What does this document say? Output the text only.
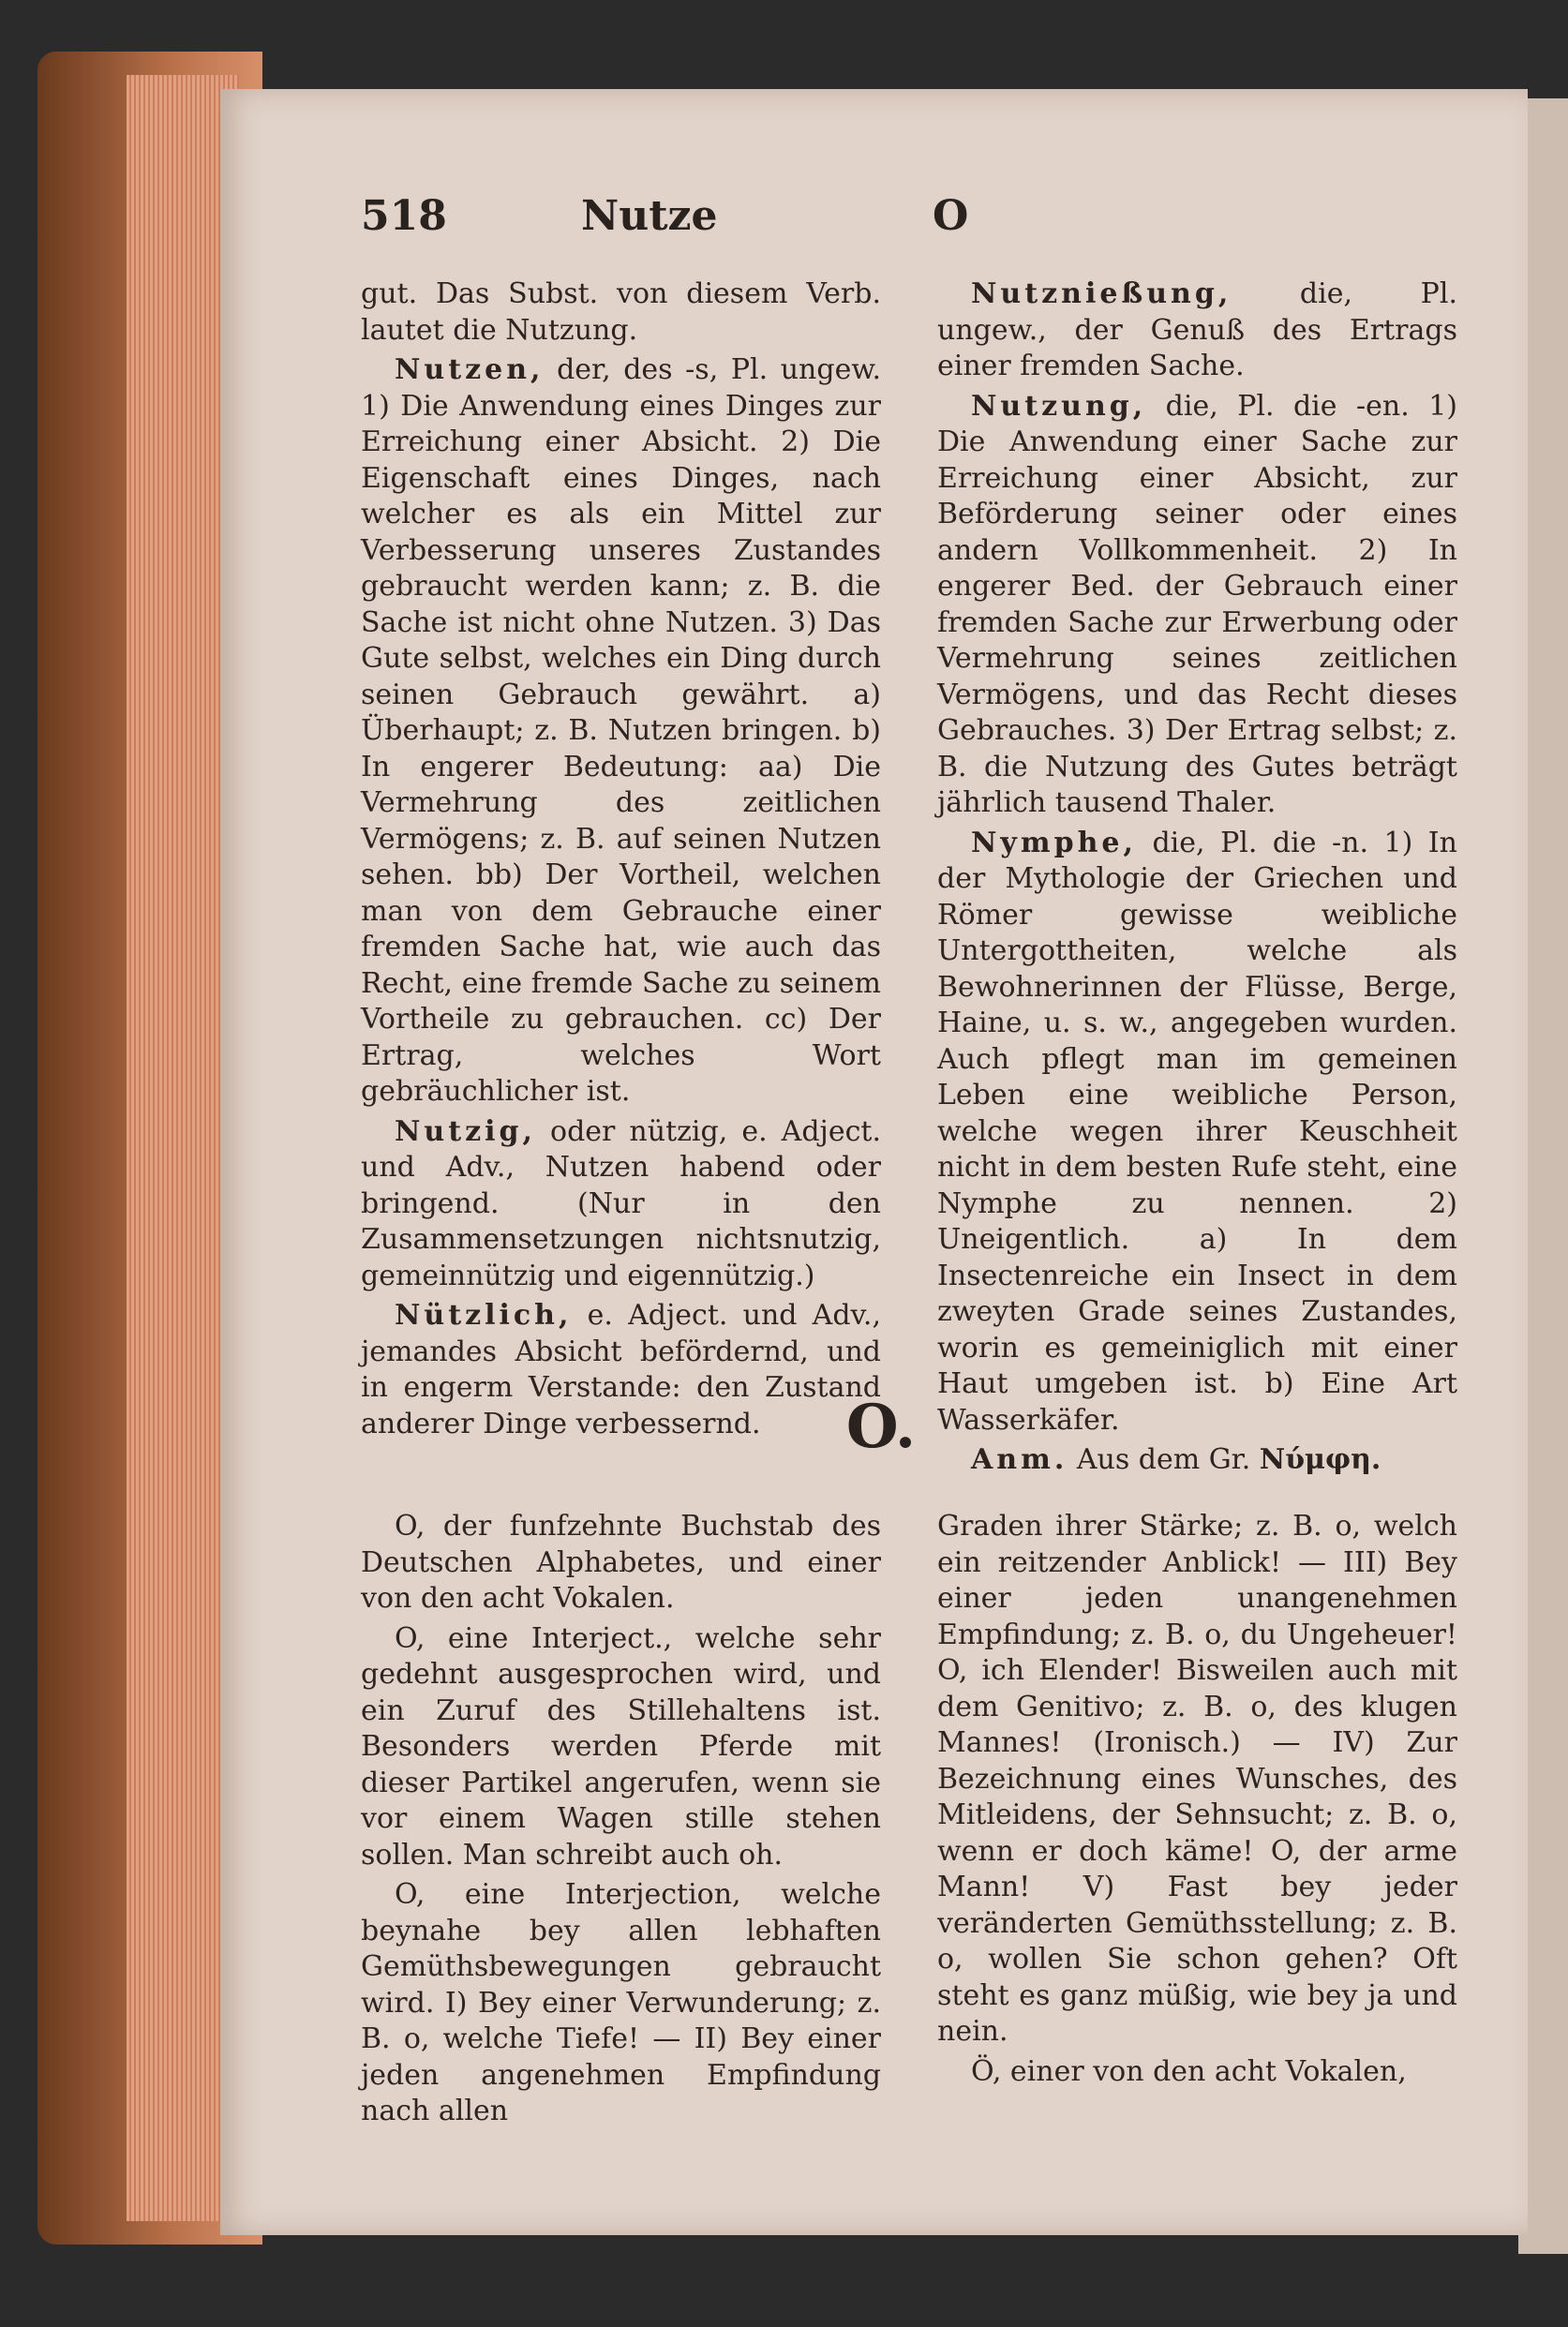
518	Nutze	O

gut. Das Subst. von diesem Verb. lautet die Nutzung.

Nutzen, der, des -s, Pl. ungew. 1) Die Anwendung eines Dinges zur Erreichung einer Absicht. 2) Die Eigenschaft eines Dinges, nach welcher es als ein Mittel zur Verbesserung unseres Zustandes gebraucht werden kann; z. B. die Sache ist nicht ohne Nutzen. 3) Das Gute selbst, welches ein Ding durch seinen Gebrauch gewährt. a) Überhaupt; z. B. Nutzen bringen. b) In engerer Bedeutung: aa) Die Vermehrung des zeitlichen Vermögens; z. B. auf seinen Nutzen sehen. bb) Der Vortheil, welchen man von dem Gebrauche einer fremden Sache hat, wie auch das Recht, eine fremde Sache zu seinem Vortheile zu gebrauchen. cc) Der Ertrag, welches Wort gebräuchlicher ist.

Nutzig, oder nützig, e. Adject. und Adv., Nutzen habend oder bringend. (Nur in den Zusammensetzungen nichtsnutzig, gemeinnützig und eigennützig.)

Nützlich, e. Adject. und Adv., jemandes Absicht befördernd, und in engerm Verstande: den Zustand anderer Dinge verbessernd.

Nutznießung, die, Pl. ungew., der Genuß des Ertrags einer fremden Sache.

Nutzung, die, Pl. die -en. 1) Die Anwendung einer Sache zur Erreichung einer Absicht, zur Beförderung seiner oder eines andern Vollkommenheit. 2) In engerer Bed. der Gebrauch einer fremden Sache zur Erwerbung oder Vermehrung seines zeitlichen Vermögens, und das Recht dieses Gebrauches. 3) Der Ertrag selbst; z. B. die Nutzung des Gutes beträgt jährlich tausend Thaler.

Nymphe, die, Pl. die -n. 1) In der Mythologie der Griechen und Römer gewisse weibliche Untergottheiten, welche als Bewohnerinnen der Flüsse, Berge, Haine, u. s. w., angegeben wurden. Auch pflegt man im gemeinen Leben eine weibliche Person, welche wegen ihrer Keuschheit nicht in dem besten Rufe steht, eine Nymphe zu nennen. 2) Uneigentlich. a) In dem Insectenreiche ein Insect in dem zweyten Grade seines Zustandes, worin es gemeiniglich mit einer Haut umgeben ist. b) Eine Art Wasserkäfer.

Anm. Aus dem Gr. Νύμφη.

O.

O, der funfzehnte Buchstab des Deutschen Alphabetes, und einer von den acht Vokalen.

O, eine Interject., welche sehr gedehnt ausgesprochen wird, und ein Zuruf des Stillehaltens ist. Besonders werden Pferde mit dieser Partikel angerufen, wenn sie vor einem Wagen stille stehen sollen. Man schreibt auch oh.

O, eine Interjection, welche beynahe bey allen lebhaften Gemüthsbewegungen gebraucht wird. I) Bey einer Verwunderung; z. B. o, welche Tiefe! — II) Bey einer jeden angenehmen Empfindung nach allen

Graden ihrer Stärke; z. B. o, welch ein reitzender Anblick! — III) Bey einer jeden unangenehmen Empfindung; z. B. o, du Ungeheuer! O, ich Elender! Bisweilen auch mit dem Genitivo; z. B. o, des klugen Mannes! (Ironisch.) — IV) Zur Bezeichnung eines Wunsches, des Mitleidens, der Sehnsucht; z. B. o, wenn er doch käme! O, der arme Mann! V) Fast bey jeder veränderten Gemüthsstellung; z. B. o, wollen Sie schon gehen? Oft steht es ganz müßig, wie bey ja und nein.

Ö, einer von den acht Vokalen,
